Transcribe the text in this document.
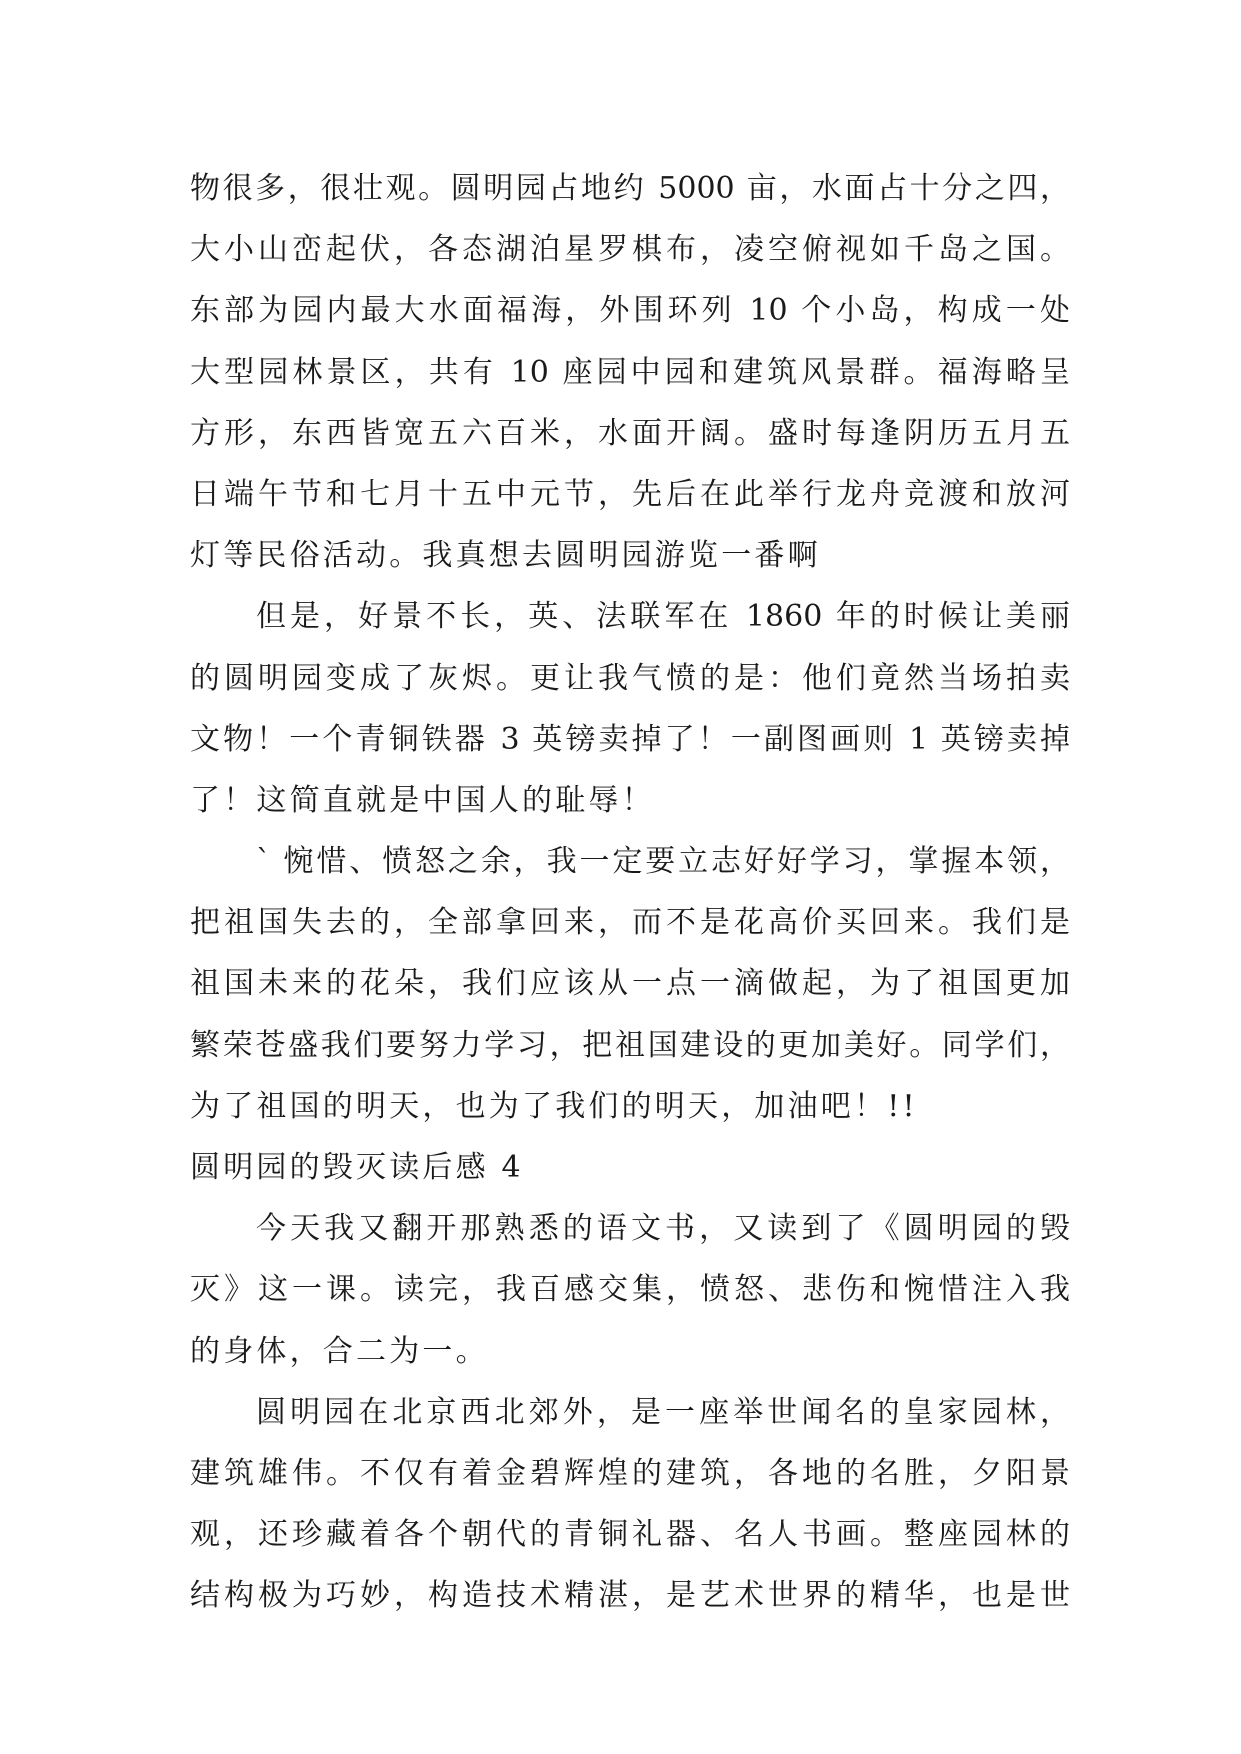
物很多，很壮观。圆明园占地约 5000 亩，水面占十分之四，
大小山峦起伏，各态湖泊星罗棋布，凌空俯视如千岛之国。
东部为园内最大水面福海，外围环列 10 个小岛，构成一处
大型园林景区，共有 10 座园中园和建筑风景群。福海略呈
方形，东西皆宽五六百米，水面开阔。盛时每逢阴历五月五
日端午节和七月十五中元节，先后在此举行龙舟竞渡和放河
灯等民俗活动。我真想去圆明园游览一番啊
但是，好景不长，英、法联军在 1860 年的时候让美丽
的圆明园变成了灰烬。更让我气愤的是：他们竟然当场拍卖
文物！一个青铜铁器 3 英镑卖掉了！一副图画则 1 英镑卖掉
了！这简直就是中国人的耻辱！
` 惋惜、愤怒之余，我一定要立志好好学习，掌握本领，
把祖国失去的，全部拿回来，而不是花高价买回来。我们是
祖国未来的花朵，我们应该从一点一滴做起，为了祖国更加
繁荣苍盛我们要努力学习，把祖国建设的更加美好。同学们，
为了祖国的明天，也为了我们的明天，加油吧！!!
圆明园的毁灭读后感 4
今天我又翻开那熟悉的语文书，又读到了《圆明园的毁
灭》这一课。读完，我百感交集，愤怒、悲伤和惋惜注入我
的身体，合二为一。
圆明园在北京西北郊外，是一座举世闻名的皇家园林，
建筑雄伟。不仅有着金碧辉煌的建筑，各地的名胜，夕阳景
观，还珍藏着各个朝代的青铜礼器、名人书画。整座园林的
结构极为巧妙，构造技术精湛，是艺术世界的精华，也是世
